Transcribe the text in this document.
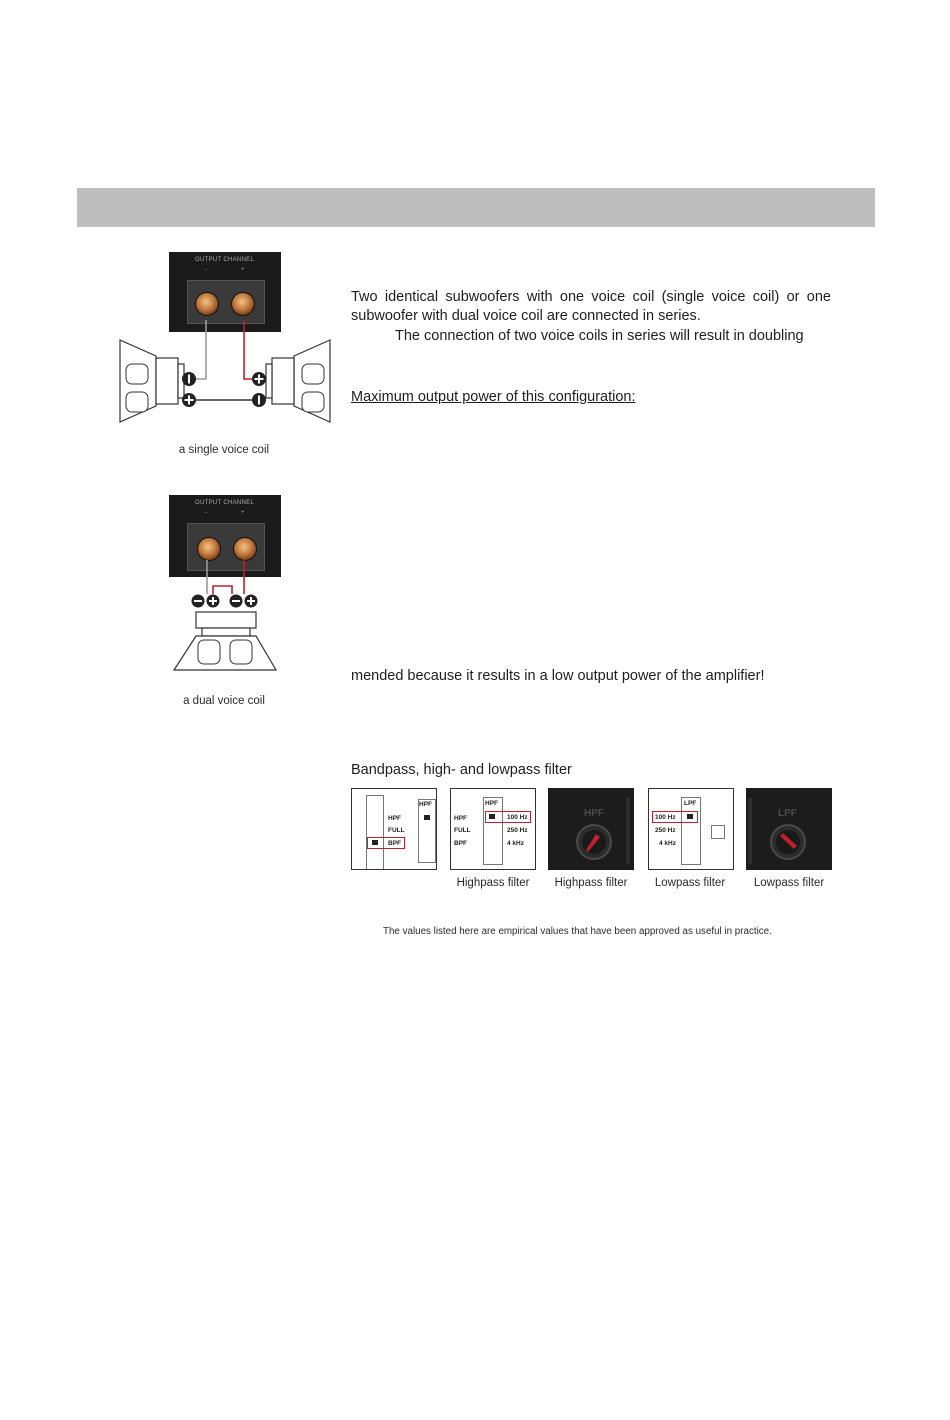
OUTPUT CHANNEL
-	+
a single voice coil
OUTPUT CHANNEL
-	+
a dual voice coil
Two identical subwoofers with one voice coil (single voice coil) or one subwoofer with dual voice coil are connected in series.
The connection of two voice coils in series will result in doubling
Maximum output power of this configuration:
mended because it results in a low output power of the amplifier!
Bandpass, high- and lowpass filter
HPF
HPF
FULL
BPF
HPF
HPF
FULL
BPF
100 Hz
250 Hz
4 kHz
HPF
LPF
100 Hz
250 Hz
4 kHz
LPF
Highpass filter	Highpass filter	Lowpass filter	Lowpass filter
The values listed here are empirical values that have been approved as useful in practice.
